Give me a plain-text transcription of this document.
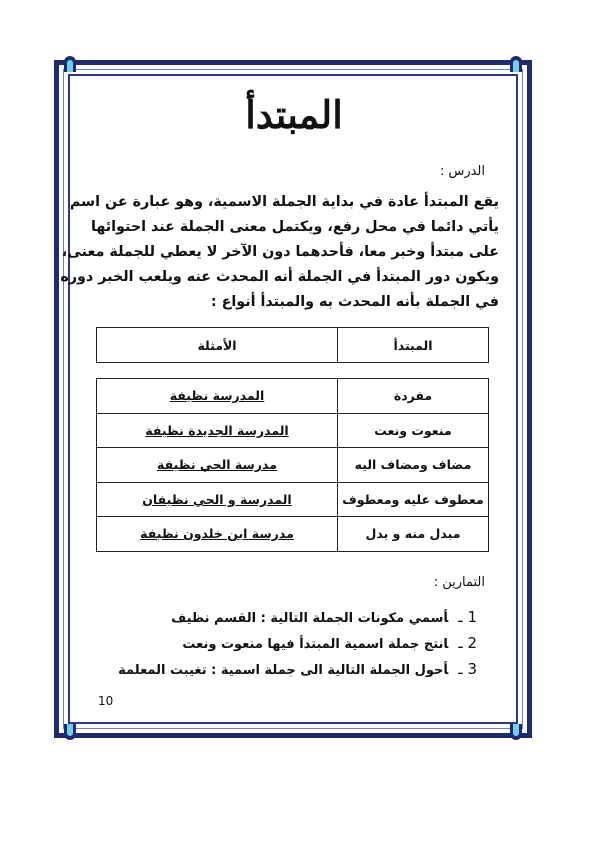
المبتدأ
الدرس :
يقع المبتدأ عادة في بداية الجملة الاسمية، وهو عبارة عن اسم
يأتي دائما في محل رفع، ويكتمل معنى الجملة عند احتوائها
على مبتدأ وخبر معا، فأحدهما دون الآخر لا يعطي للجملة معنى،
ويكون دور المبتدأ في الجملة أنه المحدث عنه ويلعب الخبر دوره
في الجملة بأنه المحدث به والمبتدأ أنواع :
المبتدأ	الأمثلة
مفردة	المدرسة نظيفة
منعوت ونعت	المدرسة الجديدة نظيفة
مضاف ومضاف اليه	مدرسة الحي نظيفة
معطوف عليه ومعطوف	المدرسة و الحي نظيفان
مبدل منه و بدل	مدرسة ابن خلدون نظيفة
التمارين :
1 ـأسمي مكونات الجملة التالية : القسم نظيف
2 ـانتج جملة اسمية المبتدأ فيها منعوت ونعت
3 ـأحول الجملة التالية الى جملة اسمية : تغيبت المعلمة
10
